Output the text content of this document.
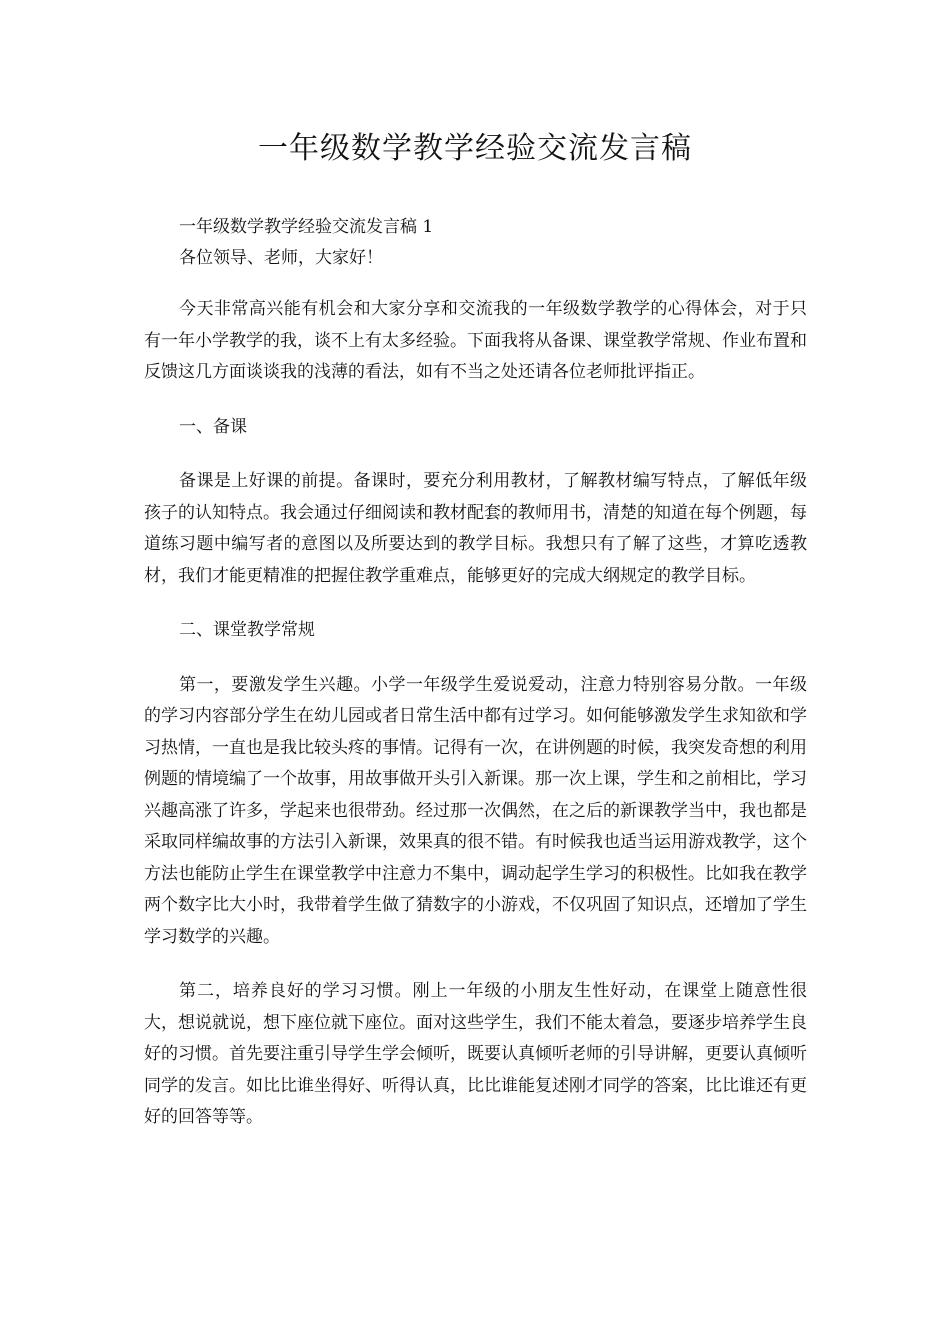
一年级数学教学经验交流发言稿

一年级数学教学经验交流发言稿 1

各位领导、老师，大家好！

今天非常高兴能有机会和大家分享和交流我的一年级数学教学的心得体会，对于只有一年小学教学的我，谈不上有太多经验。下面我将从备课、课堂教学常规、作业布置和反馈这几方面谈谈我的浅薄的看法，如有不当之处还请各位老师批评指正。

一、备课

备课是上好课的前提。备课时，要充分利用教材，了解教材编写特点，了解低年级孩子的认知特点。我会通过仔细阅读和教材配套的教师用书，清楚的知道在每个例题，每道练习题中编写者的意图以及所要达到的教学目标。我想只有了解了这些，才算吃透教材，我们才能更精准的把握住教学重难点，能够更好的完成大纲规定的教学目标。

二、课堂教学常规

第一，要激发学生兴趣。小学一年级学生爱说爱动，注意力特别容易分散。一年级的学习内容部分学生在幼儿园或者日常生活中都有过学习。如何能够激发学生求知欲和学习热情，一直也是我比较头疼的事情。记得有一次，在讲例题的时候，我突发奇想的利用例题的情境编了一个故事，用故事做开头引入新课。那一次上课，学生和之前相比，学习兴趣高涨了许多，学起来也很带劲。经过那一次偶然，在之后的新课教学当中，我也都是采取同样编故事的方法引入新课，效果真的很不错。有时候我也适当运用游戏教学，这个方法也能防止学生在课堂教学中注意力不集中，调动起学生学习的积极性。比如我在教学两个数字比大小时，我带着学生做了猜数字的小游戏，不仅巩固了知识点，还增加了学生学习数学的兴趣。

第二，培养良好的学习习惯。刚上一年级的小朋友生性好动，在课堂上随意性很大，想说就说，想下座位就下座位。面对这些学生，我们不能太着急，要逐步培养学生良好的习惯。首先要注重引导学生学会倾听，既要认真倾听老师的引导讲解，更要认真倾听同学的发言。如比比谁坐得好、听得认真，比比谁能复述刚才同学的答案，比比谁还有更好的回答等等。
